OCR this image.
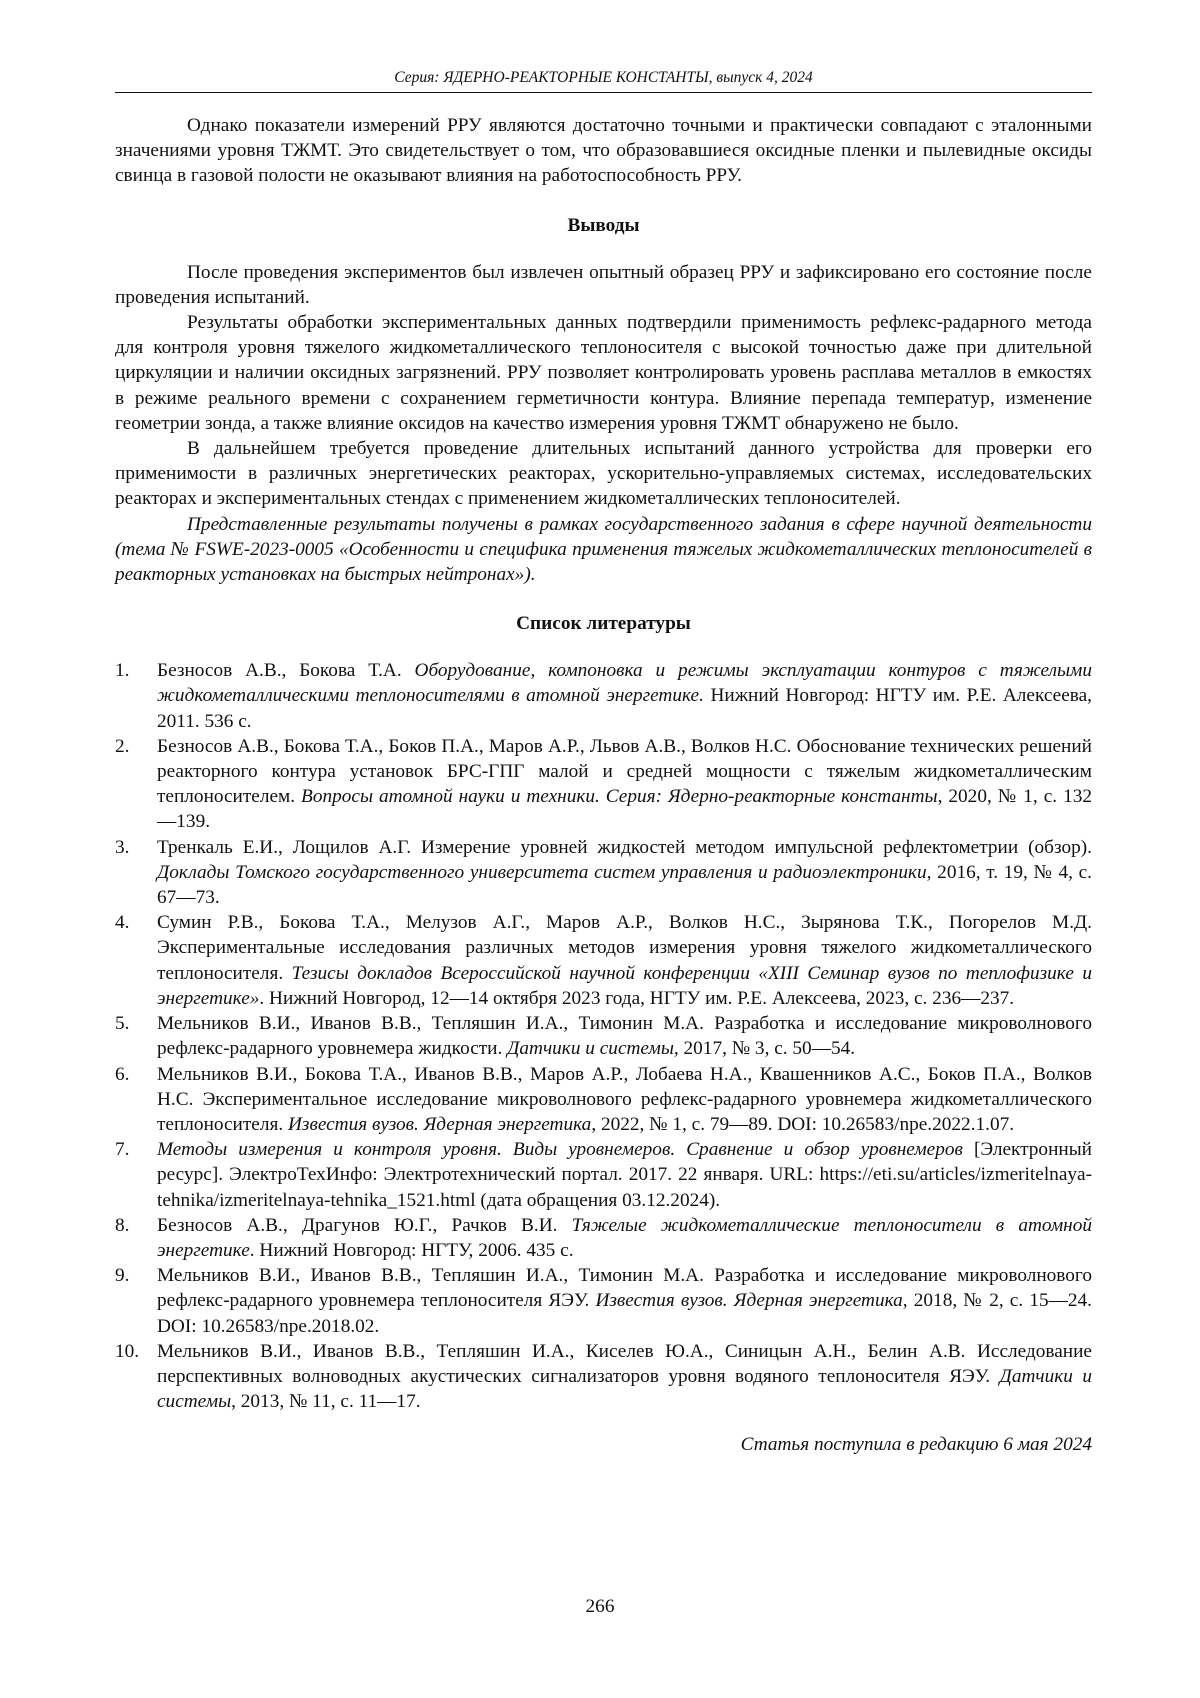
Серия: ЯДЕРНО-РЕАКТОРНЫЕ КОНСТАНТЫ, выпуск 4, 2024

Однако показатели измерений РРУ являются достаточно точными и практически совпадают с эталонными значениями уровня ТЖМТ. Это свидетельствует о том, что образовавшиеся оксидные пленки и пылевидные оксиды свинца в газовой полости не оказывают влияния на работоспособность РРУ.

Выводы

После проведения экспериментов был извлечен опытный образец РРУ и зафиксировано его состояние после проведения испытаний.

Результаты обработки экспериментальных данных подтвердили применимость рефлекс-радарного метода для контроля уровня тяжелого жидкометаллического теплоносителя с высокой точностью даже при длительной циркуляции и наличии оксидных загрязнений. РРУ позволяет контролировать уровень расплава металлов в емкостях в режиме реального времени с сохранением герметичности контура. Влияние перепада температур, изменение геометрии зонда, а также влияние оксидов на качество измерения уровня ТЖМТ обнаружено не было.

В дальнейшем требуется проведение длительных испытаний данного устройства для проверки его применимости в различных энергетических реакторах, ускорительно-управляемых системах, исследовательских реакторах и экспериментальных стендах с применением жидкометаллических теплоносителей.

Представленные результаты получены в рамках государственного задания в сфере научной деятельности (тема № FSWE-2023-0005 «Особенности и специфика применения тяжелых жидкометаллических теплоносителей в реакторных установках на быстрых нейтронах»).

Список литературы
1.	Безносов А.В., Бокова Т.А. Оборудование, компоновка и режимы эксплуатации контуров с тяжелыми жидкометаллическими теплоносителями в атомной энергетике. Нижний Новгород: НГТУ им. Р.Е. Алексеева, 2011. 536 с.
2.	Безносов А.В., Бокова Т.А., Боков П.А., Маров А.Р., Львов А.В., Волков Н.С. Обоснование технических решений реакторного контура установок БРС-ГПГ малой и средней мощности с тяжелым жидкометаллическим теплоносителем. Вопросы атомной науки и техники. Серия: Ядерно-реакторные константы, 2020, № 1, с. 132—139.
3.	Тренкаль Е.И., Лощилов А.Г. Измерение уровней жидкостей методом импульсной рефлектометрии (обзор). Доклады Томского государственного университета систем управления и радиоэлектроники, 2016, т. 19, № 4, с. 67—73.
4.	Сумин Р.В., Бокова Т.А., Мелузов А.Г., Маров А.Р., Волков Н.С., Зырянова Т.К., Погорелов М.Д. Экспериментальные исследования различных методов измерения уровня тяжелого жидкометаллического теплоносителя. Тезисы докладов Всероссийской научной конференции «XIII Семинар вузов по теплофизике и энергетике». Нижний Новгород, 12—14 октября 2023 года, НГТУ им. Р.Е. Алексеева, 2023, с. 236—237.
5.	Мельников В.И., Иванов В.В., Тепляшин И.А., Тимонин М.А. Разработка и исследование микроволнового рефлекс-радарного уровнемера жидкости. Датчики и системы, 2017, № 3, с. 50—54.
6.	Мельников В.И., Бокова Т.А., Иванов В.В., Маров А.Р., Лобаева Н.А., Квашенников А.С., Боков П.А., Волков Н.С. Экспериментальное исследование микроволнового рефлекс-радарного уровнемера жидкометаллического теплоносителя. Известия вузов. Ядерная энергетика, 2022, № 1, с. 79—89. DOI: 10.26583/npe.2022.1.07.
7.	Методы измерения и контроля уровня. Виды уровнемеров. Сравнение и обзор уровнемеров [Электронный ресурс]. ЭлектроТехИнфо: Электротехнический портал. 2017. 22 января. URL: https://eti.su/articles/izmeritelnaya-tehnika/izmeritelnaya-tehnika_1521.html (дата обращения 03.12.2024).
8.	Безносов А.В., Драгунов Ю.Г., Рачков В.И. Тяжелые жидкометаллические теплоносители в атомной энергетике. Нижний Новгород: НГТУ, 2006. 435 с.
9.	Мельников В.И., Иванов В.В., Тепляшин И.А., Тимонин М.А. Разработка и исследование микроволнового рефлекс-радарного уровнемера теплоносителя ЯЭУ. Известия вузов. Ядерная энергетика, 2018, № 2, с. 15—24. DOI: 10.26583/npe.2018.02.
10. Мельников В.И., Иванов В.В., Тепляшин И.А., Киселев Ю.А., Синицын А.Н., Белин А.В. Исследование перспективных волноводных акустических сигнализаторов уровня водяного теплоносителя ЯЭУ. Датчики и системы, 2013, № 11, с. 11—17.
Статья поступила в редакцию 6 мая 2024
266
